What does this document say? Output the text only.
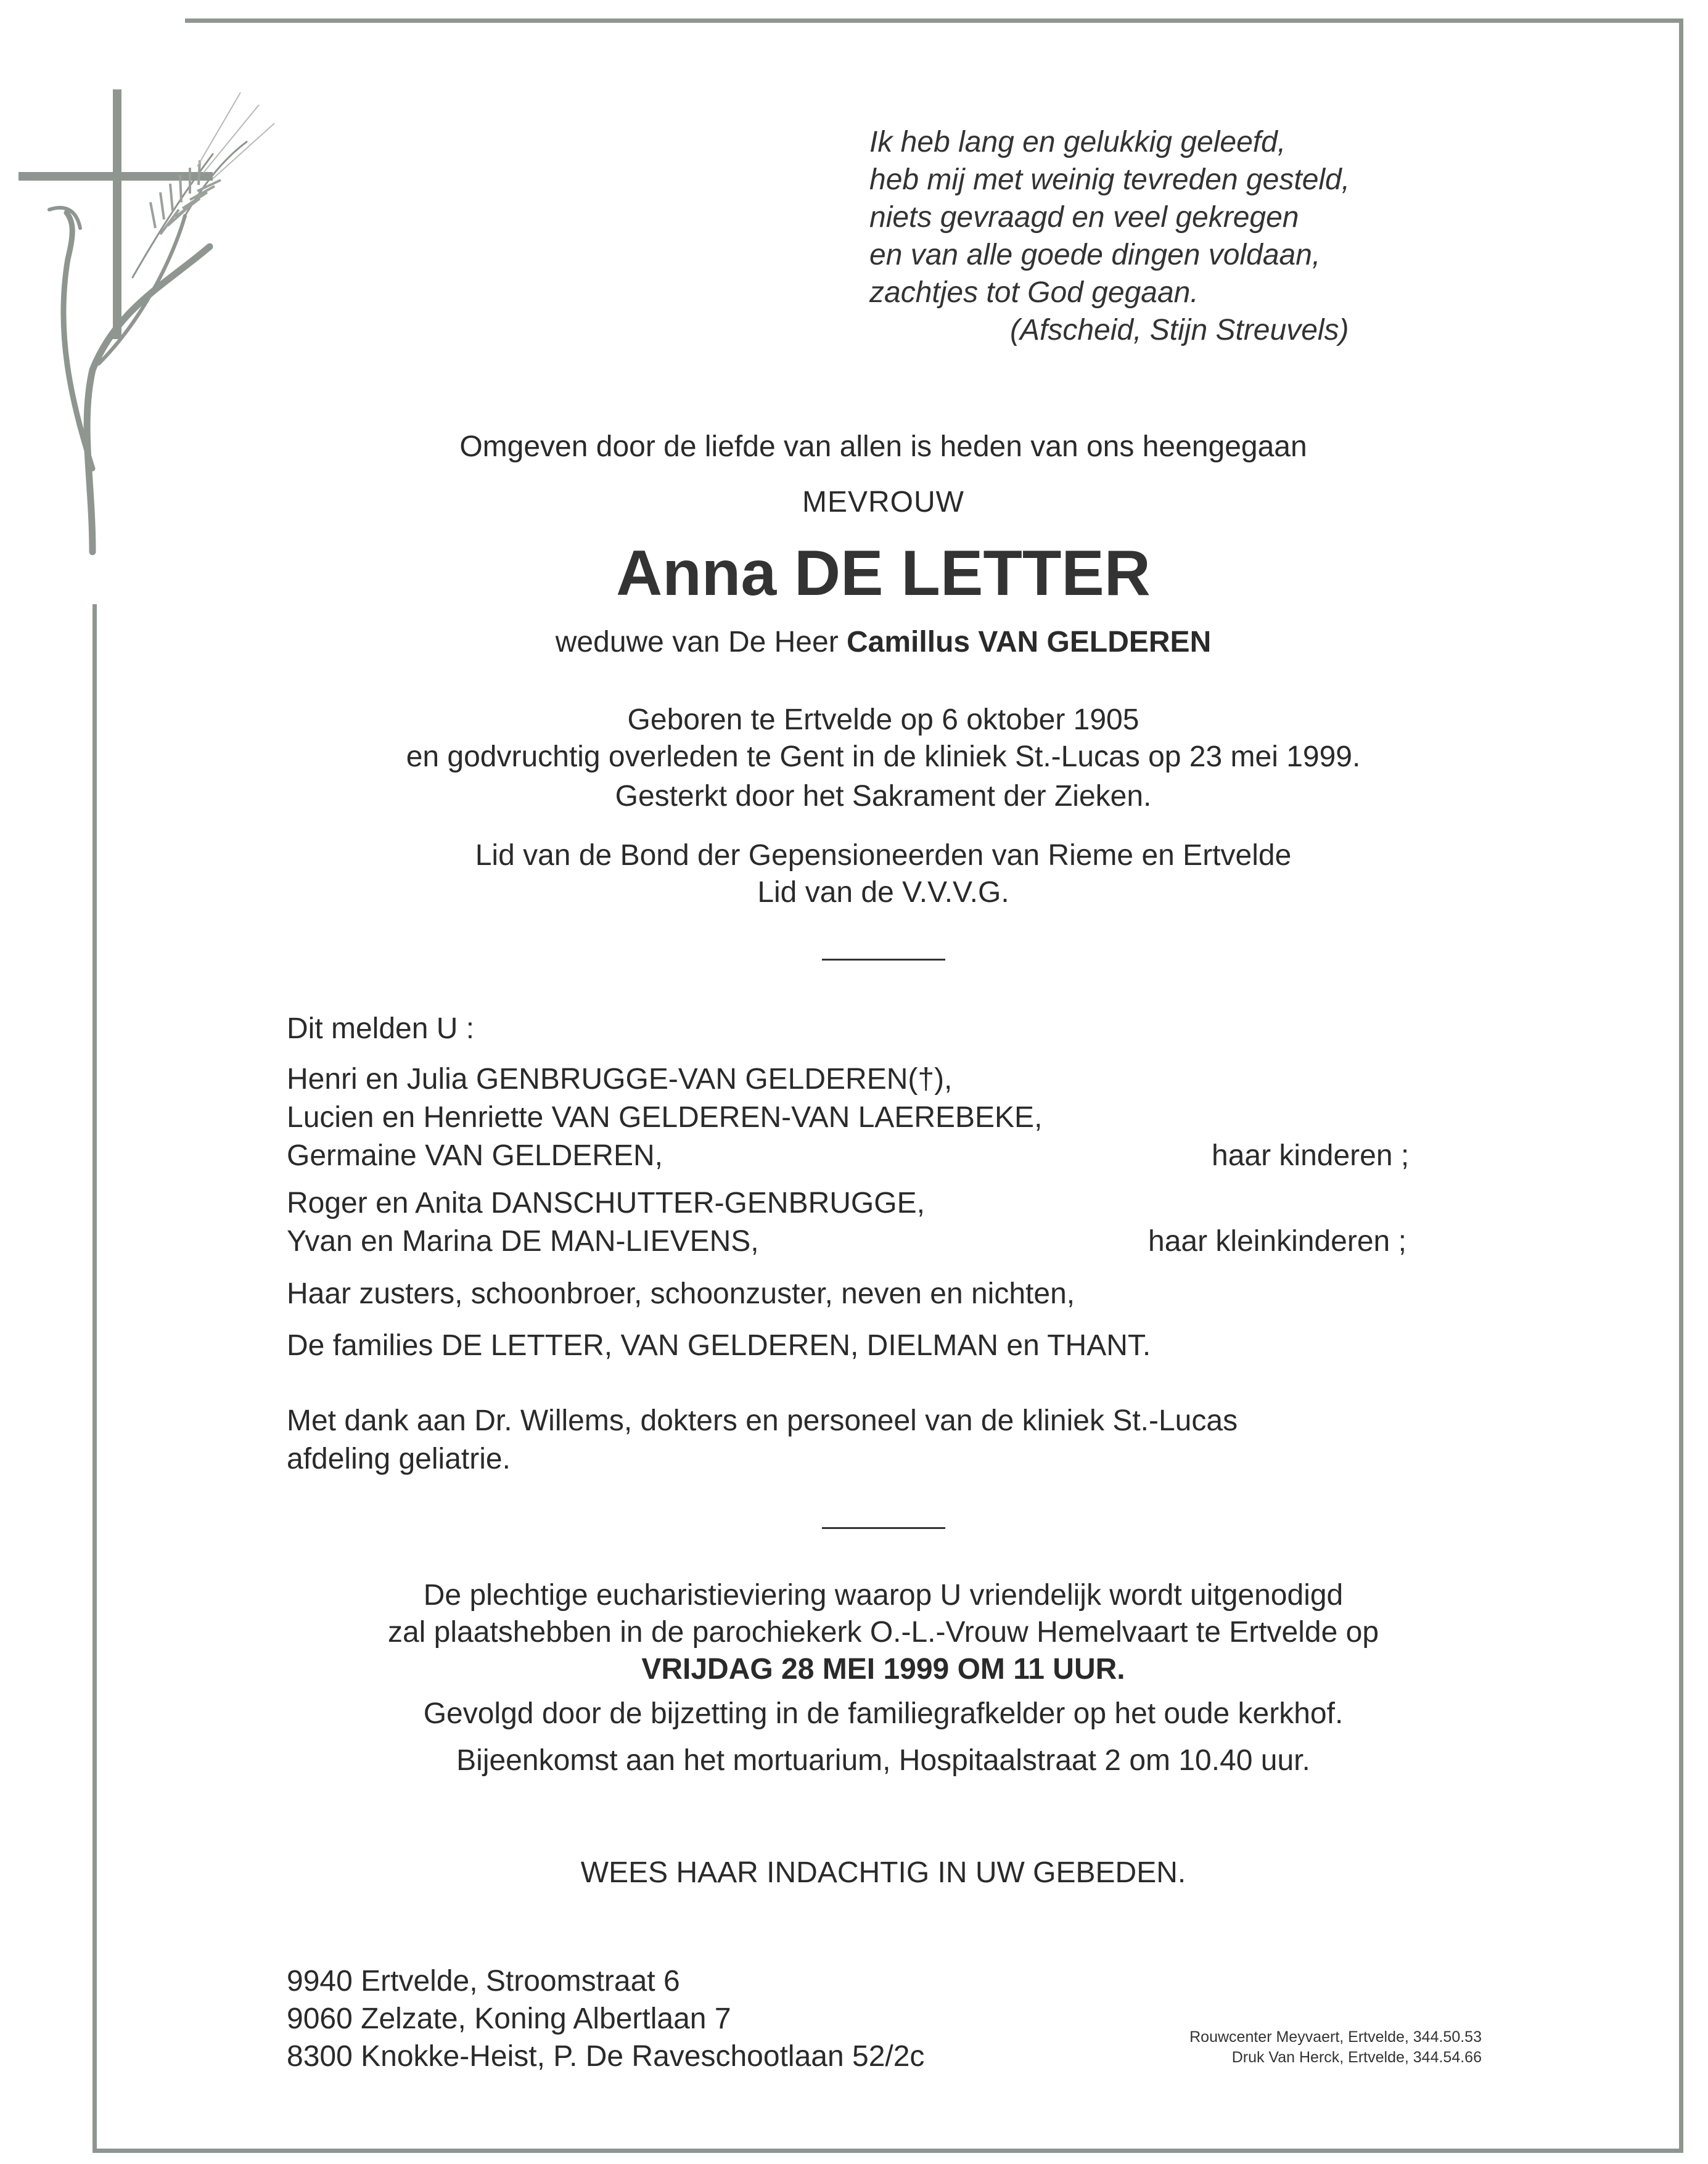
Ik heb lang en gelukkig geleefd,
heb mij met weinig tevreden gesteld,
niets gevraagd en veel gekregen
en van alle goede dingen voldaan,
zachtjes tot God gegaan.
(Afscheid, Stijn Streuvels)
Omgeven door de liefde van allen is heden van ons heengegaan
MEVROUW
Anna DE LETTER
weduwe van De Heer Camillus VAN GELDEREN
Geboren te Ertvelde op 6 oktober 1905
en godvruchtig overleden te Gent in de kliniek St.-Lucas op 23 mei 1999.
Gesterkt door het Sakrament der Zieken.
Lid van de Bond der Gepensioneerden van Rieme en Ertvelde
Lid van de V.V.V.G.
Dit melden U :
Henri en Julia GENBRUGGE-VAN GELDEREN(†),
Lucien en Henriette VAN GELDEREN-VAN LAEREBEKE,
Germaine VAN GELDEREN,	haar kinderen ;
Roger en Anita DANSCHUTTER-GENBRUGGE,
Yvan en Marina DE MAN-LIEVENS,	haar kleinkinderen ;
Haar zusters, schoonbroer, schoonzuster, neven en nichten,
De families DE LETTER, VAN GELDEREN, DIELMAN en THANT.
Met dank aan Dr. Willems, dokters en personeel van de kliniek St.-Lucas
afdeling geliatrie.
De plechtige eucharistieviering waarop U vriendelijk wordt uitgenodigd
zal plaatshebben in de parochiekerk O.-L.-Vrouw Hemelvaart te Ertvelde op
VRIJDAG 28 MEI 1999 OM 11 UUR.
Gevolgd door de bijzetting in de familiegrafkelder op het oude kerkhof.
Bijeenkomst aan het mortuarium, Hospitaalstraat 2 om 10.40 uur.
WEES HAAR INDACHTIG IN UW GEBEDEN.
9940 Ertvelde, Stroomstraat 6
9060 Zelzate, Koning Albertlaan 7
8300 Knokke-Heist, P. De Raveschootlaan 52/2c
Rouwcenter Meyvaert, Ertvelde, 344.50.53
Druk Van Herck, Ertvelde, 344.54.66
